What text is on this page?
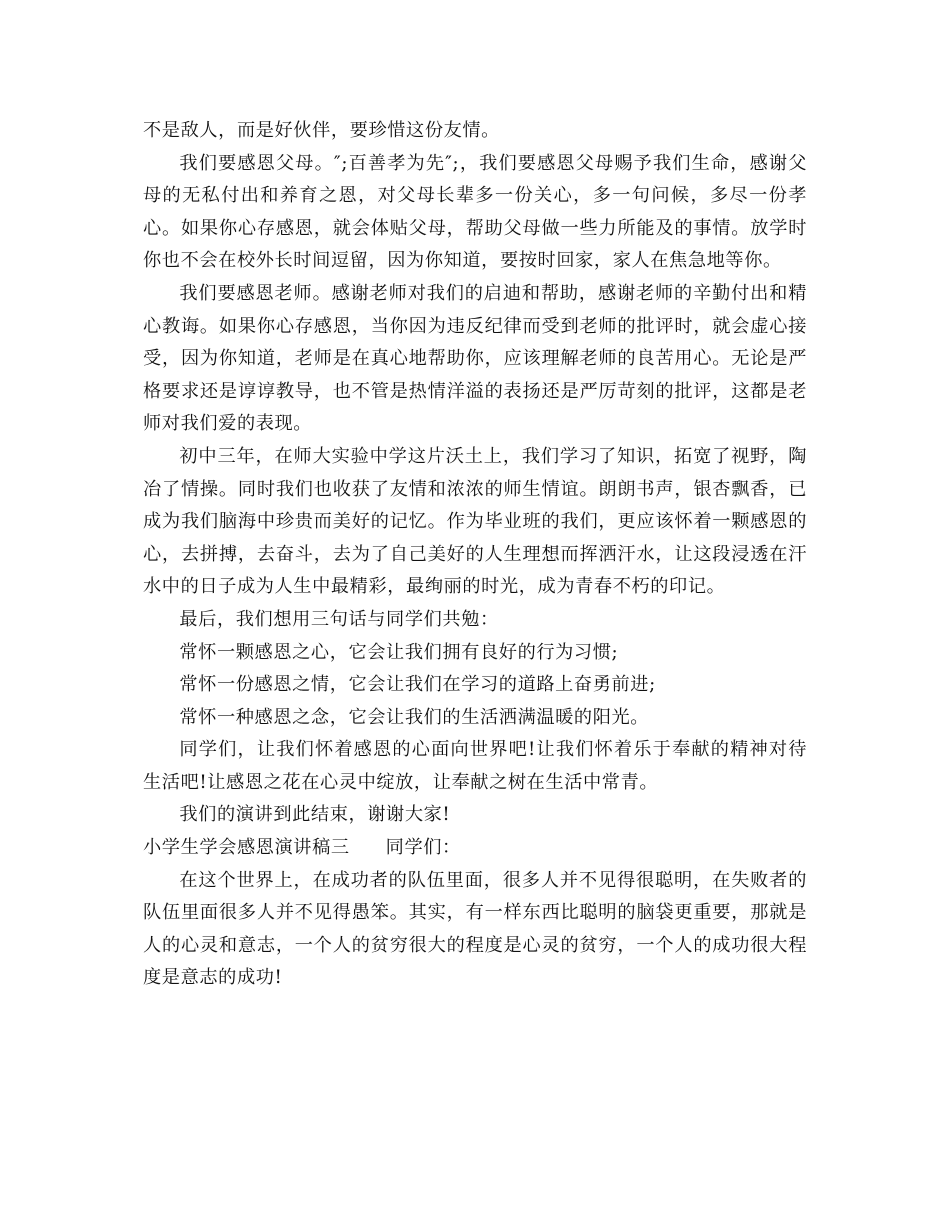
不是敌人，而是好伙伴，要珍惜这份友情。

我们要感恩父母。″;百善孝为先″;，我们要感恩父母赐予我们生命，感谢父母的无私付出和养育之恩，对父母长辈多一份关心，多一句问候，多尽一份孝心。如果你心存感恩，就会体贴父母，帮助父母做一些力所能及的事情。放学时你也不会在校外长时间逗留，因为你知道，要按时回家，家人在焦急地等你。

我们要感恩老师。感谢老师对我们的启迪和帮助，感谢老师的辛勤付出和精心教诲。如果你心存感恩，当你因为违反纪律而受到老师的批评时，就会虚心接受，因为你知道，老师是在真心地帮助你，应该理解老师的良苦用心。无论是严格要求还是谆谆教导，也不管是热情洋溢的表扬还是严厉苛刻的批评，这都是老师对我们爱的表现。

初中三年，在师大实验中学这片沃土上，我们学习了知识，拓宽了视野，陶冶了情操。同时我们也收获了友情和浓浓的师生情谊。朗朗书声，银杏飘香，已成为我们脑海中珍贵而美好的记忆。作为毕业班的我们，更应该怀着一颗感恩的心，去拼搏，去奋斗，去为了自己美好的人生理想而挥洒汗水，让这段浸透在汗水中的日子成为人生中最精彩，最绚丽的时光，成为青春不朽的印记。

最后，我们想用三句话与同学们共勉：

常怀一颗感恩之心，它会让我们拥有良好的行为习惯;

常怀一份感恩之情，它会让我们在学习的道路上奋勇前进;

常怀一种感恩之念，它会让我们的生活洒满温暖的阳光。

同学们，让我们怀着感恩的心面向世界吧!让我们怀着乐于奉献的精神对待生活吧!让感恩之花在心灵中绽放，让奉献之树在生活中常青。

我们的演讲到此结束，谢谢大家!

小学生学会感恩演讲稿三 同学们：

在这个世界上，在成功者的队伍里面，很多人并不见得很聪明，在失败者的队伍里面很多人并不见得愚笨。其实，有一样东西比聪明的脑袋更重要，那就是人的心灵和意志，一个人的贫穷很大的程度是心灵的贫穷，一个人的成功很大程度是意志的成功!
